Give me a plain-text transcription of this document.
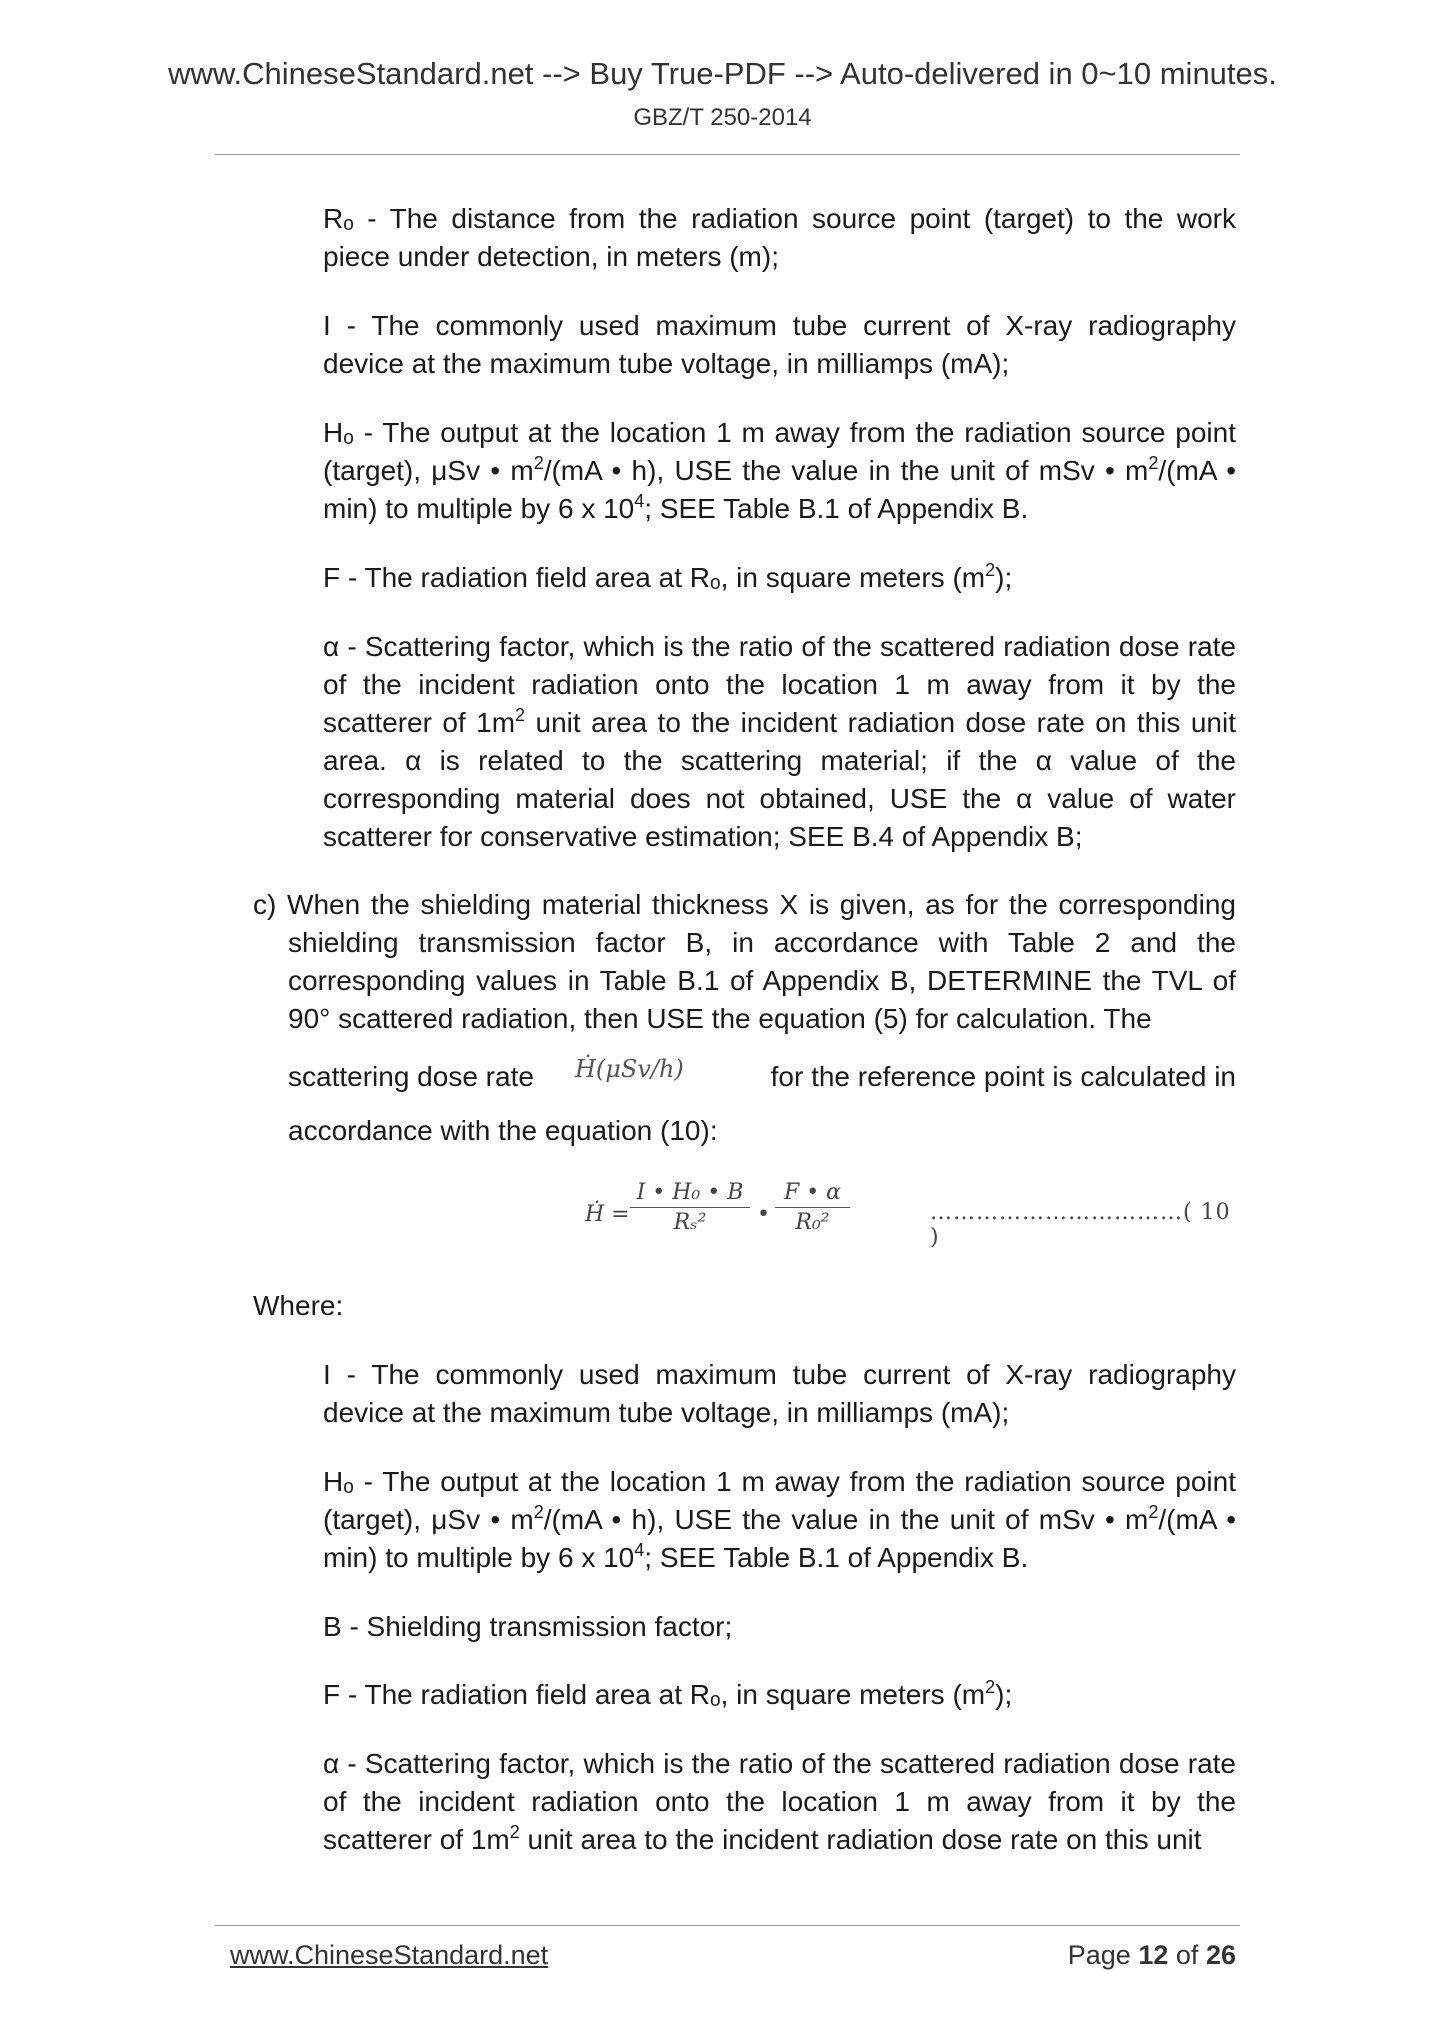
www.ChineseStandard.net --> Buy True-PDF --> Auto-delivered in 0~10 minutes.
GBZ/T 250-2014
Rₒ - The distance from the radiation source point (target) to the work piece under detection, in meters (m);
I - The commonly used maximum tube current of X-ray radiography device at the maximum tube voltage, in milliamps (mA);
Hₒ - The output at the location 1 m away from the radiation source point (target), μSv • $m^2/(mA$ • h), USE the value in the unit of mSv • $m^2/(mA$ • min) to multiple by 6 x $10^4$; SEE Table B.1 of Appendix B.
F - The radiation field area at Rₒ, in square meters $(m^2)$;
α - Scattering factor, which is the ratio of the scattered radiation dose rate of the incident radiation onto the location 1 m away from it by the scatterer of $1m^2$ unit area to the incident radiation dose rate on this unit area. α is related to the scattering material; if the α value of the corresponding material does not obtained, USE the α value of water scatterer for conservative estimation; SEE B.4 of Appendix B;
c) When the shielding material thickness X is given, as for the corresponding shielding transmission factor B, in accordance with Table 2 and the corresponding values in Table B.1 of Appendix B, DETERMINE the TVL of 90° scattered radiation, then USE the equation (5) for calculation. The
scattering dose rate Ḣ(μSv/h)	for the reference point is calculated in
accordance with the equation (10):
Ḣ = $\frac{\text{I • H₀ • B}}{\text{Rₛ²}}$ • $\frac{F • \alpha}{\text{R₀²}}$	……………………………( 10 )
Where:
I - The commonly used maximum tube current of X-ray radiography device at the maximum tube voltage, in milliamps (mA);
Hₒ - The output at the location 1 m away from the radiation source point (target), μSv • $m^2/(mA$ • h), USE the value in the unit of mSv • $m^2/(mA$ • min) to multiple by 6 x $10^4$; SEE Table B.1 of Appendix B.
B - Shielding transmission factor;
F - The radiation field area at Rₒ, in square meters $(m^2)$;
α - Scattering factor, which is the ratio of the scattered radiation dose rate of the incident radiation onto the location 1 m away from it by the scatterer of $1m^2$ unit area to the incident radiation dose rate on this unit
www.ChineseStandard.net	Page 12 of 26
